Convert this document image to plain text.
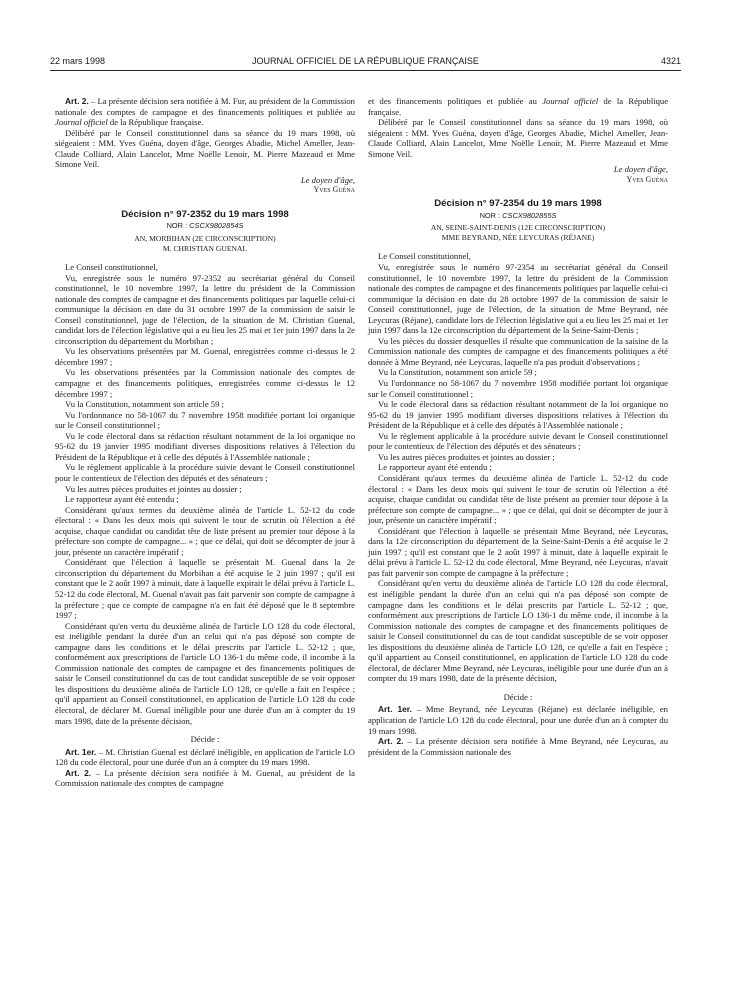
22 mars 1998	JOURNAL OFFICIEL DE LA RÉPUBLIQUE FRANÇAISE	4321

Art. 2. – La présente décision sera notifiée à M. Fur, au président de la Commission nationale des comptes de campagne et des financements politiques et publiée au Journal officiel de la République française.

Délibéré par le Conseil constitutionnel dans sa séance du 19 mars 1998, où siégeaient : MM. Yves Guéna, doyen d'âge, Georges Abadie, Michel Ameller, Jean-Claude Colliard, Alain Lancelot, Mme Noëlle Lenoir, M. Pierre Mazeaud et Mme Simone Veil.

Le doyen d'âge,

Yves Guéna

Décision n° 97-2352 du 19 mars 1998

NOR : CSCX9802854S

AN, MORBIHAN (2E CIRCONSCRIPTION)

M. CHRISTIAN GUENAL

Le Conseil constitutionnel,

Vu, enregistrée sous le numéro 97-2352 au secrétariat général du Conseil constitutionnel, le 10 novembre 1997, la lettre du président de la Commission nationale des comptes de campagne et des financements politiques par laquelle celui-ci communique la décision en date du 31 octobre 1997 de la commission de saisir le Conseil constitutionnel, juge de l'élection, de la situation de M. Christian Guenal, candidat lors de l'élection législative qui a eu lieu les 25 mai et 1er juin 1997 dans la 2e circonscription du département du Morbihan ;

Vu les observations présentées par M. Guenal, enregistrées comme ci-dessus le 2 décembre 1997 ;

Vu les observations présentées par la Commission nationale des comptes de campagne et des financements politiques, enregistrées comme ci-dessus le 12 décembre 1997 ;

Vu la Constitution, notamment son article 59 ;

Vu l'ordonnance no 58-1067 du 7 novembre 1958 modifiée portant loi organique sur le Conseil constitutionnel ;

Vu le code électoral dans sa rédaction résultant notamment de la loi organique no 95-62 du 19 janvier 1995 modifiant diverses dispositions relatives à l'élection du Président de la République et à celle des députés à l'Assemblée nationale ;

Vu le règlement applicable à la procédure suivie devant le Conseil constitutionnel pour le contentieux de l'élection des députés et des sénateurs ;

Vu les autres pièces produites et jointes au dossier ;

Le rapporteur ayant été entendu ;

Considérant qu'aux termes du deuxième alinéa de l'article L. 52-12 du code électoral : « Dans les deux mois qui suivent le tour de scrutin où l'élection a été acquise, chaque candidat ou candidat tête de liste présent au premier tour dépose à la préfecture son compte de campagne... » ; que ce délai, qui doit se décompter de jour à jour, présente un caractère impératif ;

Considérant que l'élection à laquelle se présentait M. Guenal dans la 2e circonscription du département du Morbihan a été acquise le 2 juin 1997 ; qu'il est constant que le 2 août 1997 à minuit, date à laquelle expirait le délai prévu à l'article L. 52-12 du code électoral, M. Guenal n'avait pas fait parvenir son compte de campagne à la préfecture ; que ce compte de campagne n'a en fait été déposé que le 8 septembre 1997 ;

Considérant qu'en vertu du deuxième alinéa de l'article LO 128 du code électoral, est inéligible pendant la durée d'un an celui qui n'a pas déposé son compte de campagne dans les conditions et le délai prescrits par l'article L. 52-12 ; que, conformément aux prescriptions de l'article LO 136-1 du même code, il incombe à la Commission nationale des comptes de campagne et des financements politiques de saisir le Conseil constitutionnel du cas de tout candidat susceptible de se voir opposer les dispositions du deuxième alinéa de l'article LO 128, ce qu'elle a fait en l'espèce ; qu'il appartient au Conseil constitutionnel, en application de l'article LO 128 du code électoral, de déclarer M. Guenal inéligible pour une durée d'un an à compter du 19 mars 1998, date de la présente décision,

Décide :

Art. 1er. – M. Christian Guenal est déclaré inéligible, en application de l'article LO 128 du code électoral, pour une durée d'un an à compter du 19 mars 1998.

Art. 2. – La présente décision sera notifiée à M. Guenal, au président de la Commission nationale des comptes de campagne

et des financements politiques et publiée au Journal officiel de la République française.

Délibéré par le Conseil constitutionnel dans sa séance du 19 mars 1998, où siégeaient : MM. Yves Guéna, doyen d'âge, Georges Abadie, Michel Ameller, Jean-Claude Colliard, Alain Lancelot, Mme Noëlle Lenoir, M. Pierre Mazeaud et Mme Simone Veil.

Le doyen d'âge,

Yves Guéna

Décision n° 97-2354 du 19 mars 1998

NOR : CSCX9802855S

AN, SEINE-SAINT-DENIS (12E CIRCONSCRIPTION)

MME BEYRAND, NÉE LEYCURAS (RÉJANE)

Le Conseil constitutionnel,

Vu, enregistrée sous le numéro 97-2354 au secrétariat général du Conseil constitutionnel, le 10 novembre 1997, la lettre du président de la Commission nationale des comptes de campagne et des financements politiques par laquelle celui-ci communique la décision en date du 28 octobre 1997 de la commission de saisir le Conseil constitutionnel, juge de l'élection, de la situation de Mme Beyrand, née Leycuras (Réjane), candidate lors de l'élection législative qui a eu lieu les 25 mai et 1er juin 1997 dans la 12e circonscription du département de la Seine-Saint-Denis ;

Vu les pièces du dossier desquelles il résulte que communication de la saisine de la Commission nationale des comptes de campagne et des financements politiques a été donnée à Mme Beyrand, née Leycuras, laquelle n'a pas produit d'observations ;

Vu la Constitution, notamment son article 59 ;

Vu l'ordonnance no 58-1067 du 7 novembre 1958 modifiée portant loi organique sur le Conseil constitutionnel ;

Vu le code électoral dans sa rédaction résultant notamment de la loi organique no 95-62 du 19 janvier 1995 modifiant diverses dispositions relatives à l'élection du Président de la République et à celle des députés à l'Assemblée nationale ;

Vu le règlement applicable à la procédure suivie devant le Conseil constitutionnel pour le contentieux de l'élection des députés et des sénateurs ;

Vu les autres pièces produites et jointes au dossier ;

Le rapporteur ayant été entendu ;

Considérant qu'aux termes du deuxième alinéa de l'article L. 52-12 du code électoral : « Dans les deux mois qui suivent le tour de scrutin où l'élection a été acquise, chaque candidat ou candidat tête de liste présent au premier tour dépose à la préfecture son compte de campagne... » ; que ce délai, qui doit se décompter de jour à jour, présente un caractère impératif ;

Considérant que l'élection à laquelle se présentait Mme Beyrand, née Leycuras, dans la 12e circonscription du département de la Seine-Saint-Denis a été acquise le 2 juin 1997 ; qu'il est constant que le 2 août 1997 à minuit, date à laquelle expirait le délai prévu à l'article L. 52-12 du code électoral, Mme Beyrand, née Leycuras, n'avait pas fait parvenir son compte de campagne à la préfecture ;

Considérant qu'en vertu du deuxième alinéa de l'article LO 128 du code électoral, est inéligible pendant la durée d'un an celui qui n'a pas déposé son compte de campagne dans les conditions et le délai prescrits par l'article L. 52-12 ; que, conformément aux prescriptions de l'article LO 136-1 du même code, il incombe à la Commission nationale des comptes de campagne et des financements politiques de saisir le Conseil constitutionnel du cas de tout candidat susceptible de se voir opposer les dispositions du deuxième alinéa de l'article LO 128, ce qu'elle a fait en l'espèce ; qu'il appartient au Conseil constitutionnel, en application de l'article LO 128 du code électoral, de déclarer Mme Beyrand, née Leycuras, inéligible pour une durée d'un an à compter du 19 mars 1998, date de la présente décision,

Décide :

Art. 1er. – Mme Beyrand, née Leycuras (Réjane) est déclarée inéligible, en application de l'article LO 128 du code électoral, pour une durée d'un an à compter du 19 mars 1998.

Art. 2. – La présente décision sera notifiée à Mme Beyrand, née Leycuras, au président de la Commission nationale des
